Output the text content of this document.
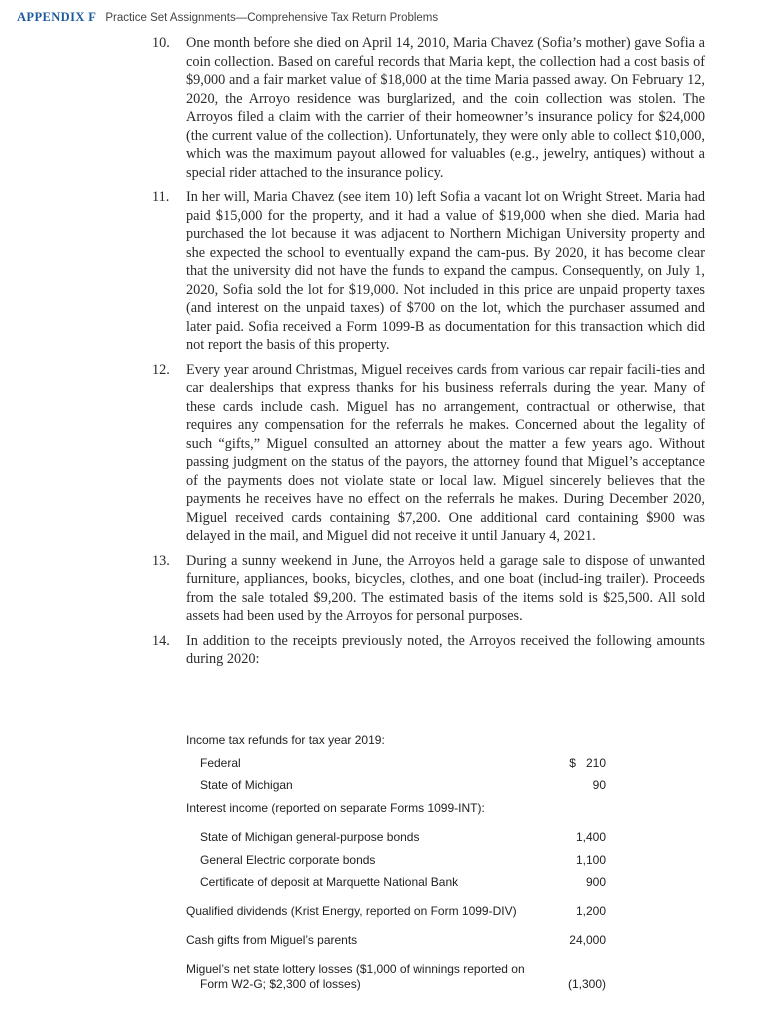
APPENDIX F Practice Set Assignments—Comprehensive Tax Return Problems
10. One month before she died on April 14, 2010, Maria Chavez (Sofia’s mother) gave Sofia a coin collection. Based on careful records that Maria kept, the collection had a cost basis of $9,000 and a fair market value of $18,000 at the time Maria passed away. On February 12, 2020, the Arroyo residence was burglarized, and the coin collection was stolen. The Arroyos filed a claim with the carrier of their homeowner’s insurance policy for $24,000 (the current value of the collection). Unfortunately, they were only able to collect $10,000, which was the maximum payout allowed for valuables (e.g., jewelry, antiques) without a special rider attached to the insurance policy.
11. In her will, Maria Chavez (see item 10) left Sofia a vacant lot on Wright Street. Maria had paid $15,000 for the property, and it had a value of $19,000 when she died. Maria had purchased the lot because it was adjacent to Northern Michigan University property and she expected the school to eventually expand the cam-pus. By 2020, it has become clear that the university did not have the funds to expand the campus. Consequently, on July 1, 2020, Sofia sold the lot for $19,000. Not included in this price are unpaid property taxes (and interest on the unpaid taxes) of $700 on the lot, which the purchaser assumed and later paid. Sofia received a Form 1099-B as documentation for this transaction which did not report the basis of this property.
12. Every year around Christmas, Miguel receives cards from various car repair facili-ties and car dealerships that express thanks for his business referrals during the year. Many of these cards include cash. Miguel has no arrangement, contractual or otherwise, that requires any compensation for the referrals he makes. Concerned about the legality of such “gifts,” Miguel consulted an attorney about the matter a few years ago. Without passing judgment on the status of the payors, the attorney found that Miguel’s acceptance of the payments does not violate state or local law. Miguel sincerely believes that the payments he receives have no effect on the referrals he makes. During December 2020, Miguel received cards containing $7,200. One additional card containing $900 was delayed in the mail, and Miguel did not receive it until January 4, 2021.
13. During a sunny weekend in June, the Arroyos held a garage sale to dispose of unwanted furniture, appliances, books, bicycles, clothes, and one boat (includ-ing trailer). Proceeds from the sale totaled $9,200. The estimated basis of the items sold is $25,500. All sold assets had been used by the Arroyos for personal purposes.
14. In addition to the receipts previously noted, the Arroyos received the following amounts during 2020:
Income tax refunds for tax year 2019:
Federal	$   210
State of Michigan	90
Interest income (reported on separate Forms 1099-INT):
State of Michigan general-purpose bonds	1,400
General Electric corporate bonds	1,100
Certificate of deposit at Marquette National Bank	900
Qualified dividends (Krist Energy, reported on Form 1099-DIV)	1,200
Cash gifts from Miguel’s parents	24,000
Miguel’s net state lottery losses ($1,000 of winnings reported on Form W2-G; $2,300 of losses)	(1,300)
